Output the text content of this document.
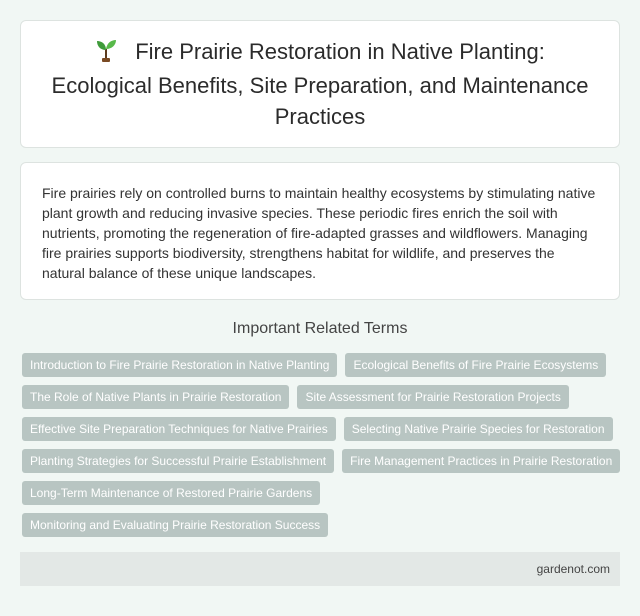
Fire Prairie Restoration in Native Planting: Ecological Benefits, Site Preparation, and Maintenance Practices

Fire prairies rely on controlled burns to maintain healthy ecosystems by stimulating native plant growth and reducing invasive species. These periodic fires enrich the soil with nutrients, promoting the regeneration of fire-adapted grasses and wildflowers. Managing fire prairies supports biodiversity, strengthens habitat for wildlife, and preserves the natural balance of these unique landscapes.

Important Related Terms
Introduction to Fire Prairie Restoration in Native Planting	Ecological Benefits of Fire Prairie Ecosystems
The Role of Native Plants in Prairie Restoration	Site Assessment for Prairie Restoration Projects
Effective Site Preparation Techniques for Native Prairies	Selecting Native Prairie Species for Restoration
Planting Strategies for Successful Prairie Establishment	Fire Management Practices in Prairie Restoration
Long-Term Maintenance of Restored Prairie Gardens
Monitoring and Evaluating Prairie Restoration Success
gardenot.com
